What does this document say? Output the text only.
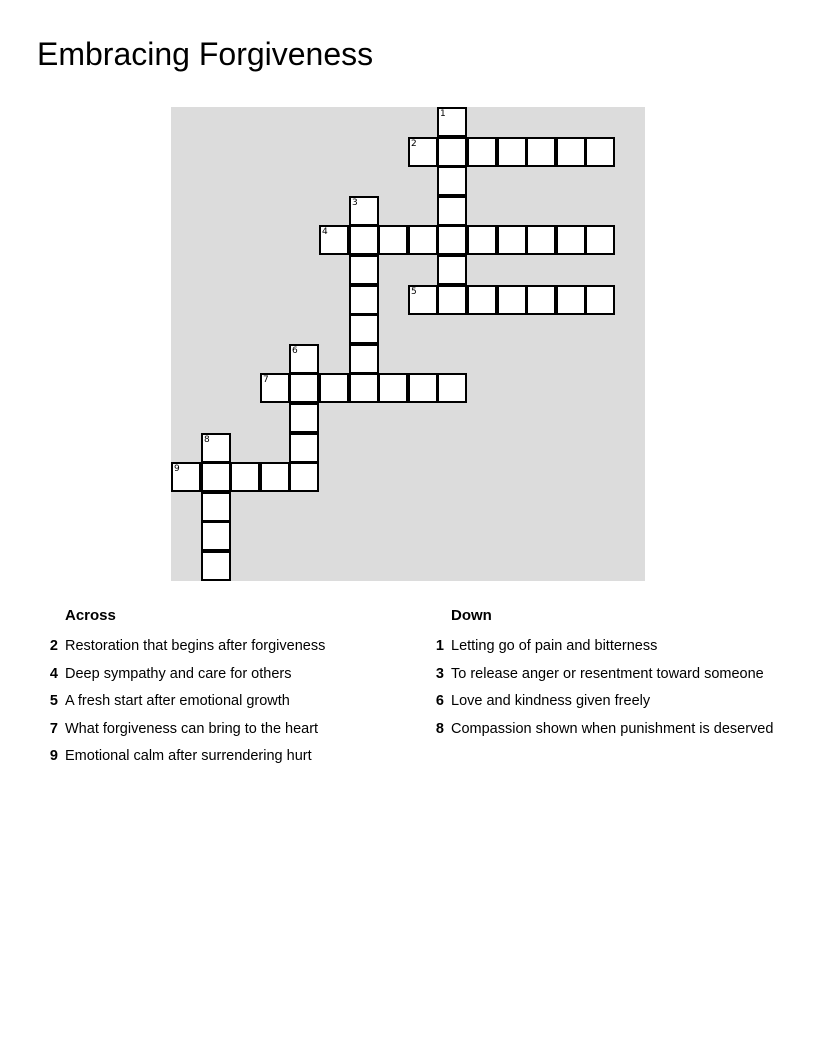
Embracing Forgiveness
1
2
3
4
5
6
7
8
9
Across
2 Restoration that begins after forgiveness
4 Deep sympathy and care for others
5 A fresh start after emotional growth
7 What forgiveness can bring to the heart
9 Emotional calm after surrendering hurt
Down
1 Letting go of pain and bitterness
3 To release anger or resentment toward someone
6 Love and kindness given freely
8 Compassion shown when punishment is deserved
